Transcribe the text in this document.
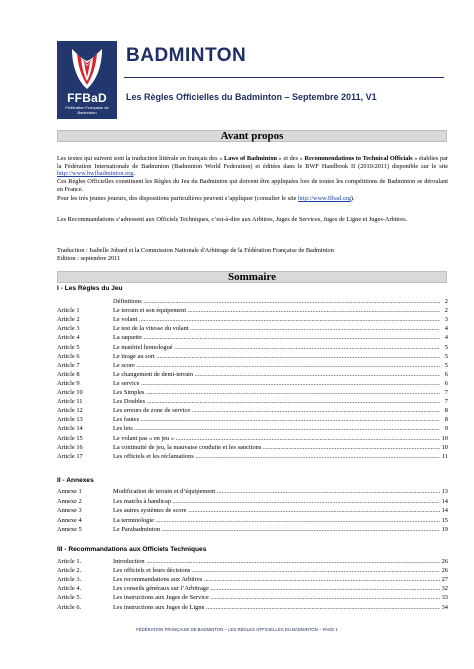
FFBaD
Fédération Française de Badminton
BADMINTON
Les Règles Officielles du Badminton – Septembre 2011, V1
Avant propos
Les textes qui suivent sont la traduction littérale en français des « Laws of Badminton » et des « Recommendations to Technical Officials » établies par la Fédération Internationale de Badminton (Badminton World Federation) et éditées dans le BWF Handbook II (2010/2011) disponible sur le site http://www.bwfbadminton.org.
Ces Règles Officielles constituent les Règles du Jeu du Badminton qui doivent être appliquées lors de toutes les compétitions de Badminton se déroulant en France.
Pour les très jeunes joueurs, des dispositions particulières peuvent s’appliquer (consulter le site http://www.ffbad.org).
Les Recommandations s’adressent aux Officiels Techniques, c’est-à-dire aux Arbitres, Juges de Services, Juges de Ligne et Juges-Arbitres.
Traduction : Isabelle Jobard et la Commission Nationale d'Arbitrage de la Fédération Française de Badminton
Edition : septembre 2011
Sommaire
I - Les Règles du Jeu
Définitions .....	2
Article 1	Le terrain et son équipement .....	2
Article 2	Le volant .....	3
Article 3	Le test de la vitesse du volant .....	4
Article 4	La raquette .....	4
Article 5	Le matériel homologué .....	5
Article 6	Le tirage au sort .....	5
Article 7	Le score .....	5
Article 8	Le changement de demi-terrain .....	6
Article 9	Le service .....	6
Article 10	Les Simples .....	7
Article 11	Les Doubles .....	7
Article 12	Les erreurs de zone de service .....	8
Article 13	Les fautes .....	8
Article 14	Les lets .....	9
Article 15	Le volant pas « en jeu » .....	10
Article 16	La continuité de jeu, la mauvaise conduite et les sanctions .....	10
Article 17	Les officiels et les réclamations .....	11
II - Annexes
Annexe 1	Modification de terrain et d’équipement .....	13
Annexe 2	Les matchs à handicap .....	14
Annexe 3	Les autres systèmes de score .....	14
Annexe 4	La terminologie .....	15
Annexe 5	Le Parabadminton .....	19
III - Recommandations aux Officiels Techniques
Article 1.	Introduction .....	26
Article 2.	Les officiels et leurs décisions .....	26
Article 3.	Les recommandations aux Arbitres .....	27
Article 4.	Les conseils généraux sur l’Arbitrage .....	32
Article 5.	Les instructions aux Juges de Service .....	33
Article 6.	Les instructions aux Juges de Ligne .....	34
FÉDÉRATION FRANÇAISE DE BADMINTON – LES RÈGLES OFFICIELLES DU BADMINTON – PAGE 1
